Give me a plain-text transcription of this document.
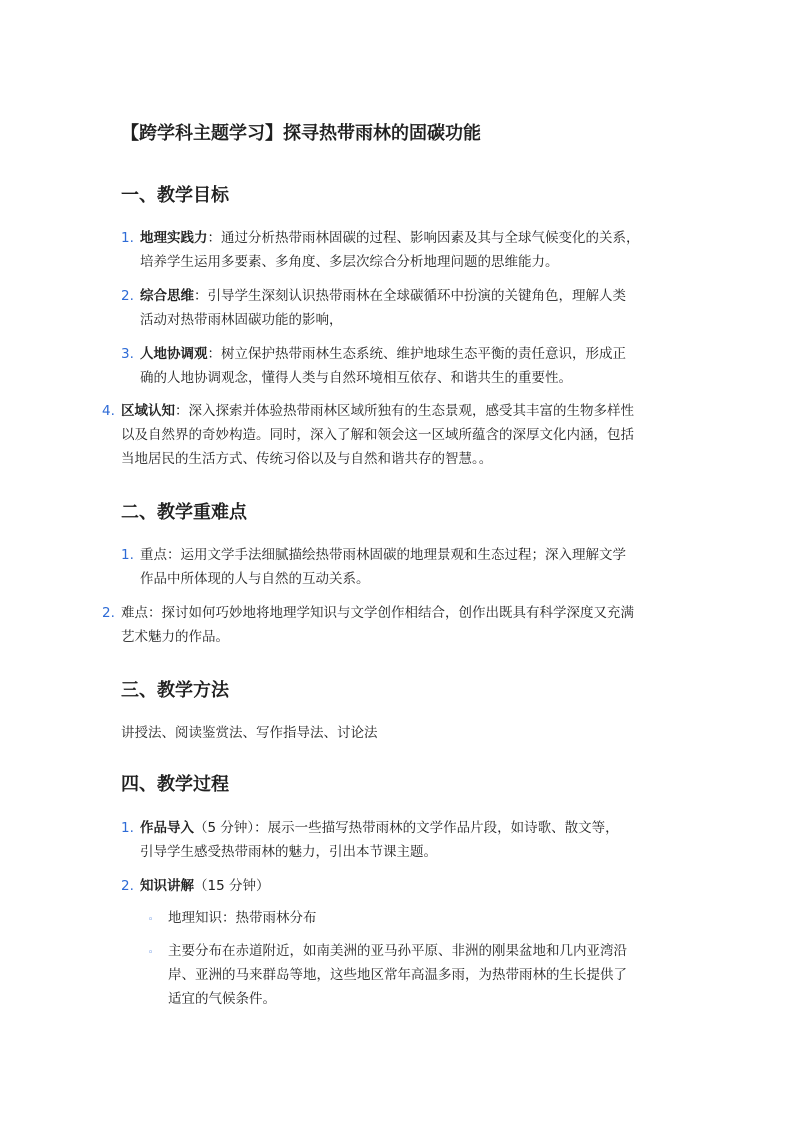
【跨学科主题学习】探寻热带雨林的固碳功能
一、教学目标
1. 地理实践力：通过分析热带雨林固碳的过程、影响因素及其与全球气候变化的关系，
培养学生运用多要素、多角度、多层次综合分析地理问题的思维能力。
2. 综合思维：引导学生深刻认识热带雨林在全球碳循环中扮演的关键角色，理解人类
活动对热带雨林固碳功能的影响，
3. 人地协调观：树立保护热带雨林生态系统、维护地球生态平衡的责任意识，形成正
确的人地协调观念，懂得人类与自然环境相互依存、和谐共生的重要性。
4. 区域认知：深入探索并体验热带雨林区域所独有的生态景观，感受其丰富的生物多样性
以及自然界的奇妙构造。同时，深入了解和领会这一区域所蕴含的深厚文化内涵，包括
当地居民的生活方式、传统习俗以及与自然和谐共存的智慧。。
二、教学重难点
1. 重点：运用文学手法细腻描绘热带雨林固碳的地理景观和生态过程；深入理解文学
作品中所体现的人与自然的互动关系。
2. 难点：探讨如何巧妙地将地理学知识与文学创作相结合，创作出既具有科学深度又充满
艺术魅力的作品。
三、教学方法

讲授法、阅读鉴赏法、写作指导法、讨论法

四、教学过程
1. 作品导入（5 分钟）：展示一些描写热带雨林的文学作品片段，如诗歌、散文等，
引导学生感受热带雨林的魅力，引出本节课主题。
2. 知识讲解（15 分钟）
◦ 地理知识：热带雨林分布
◦ 主要分布在赤道附近，如南美洲的亚马孙平原、非洲的刚果盆地和几内亚湾沿
岸、亚洲的马来群岛等地，这些地区常年高温多雨，为热带雨林的生长提供了
适宜的气候条件。
